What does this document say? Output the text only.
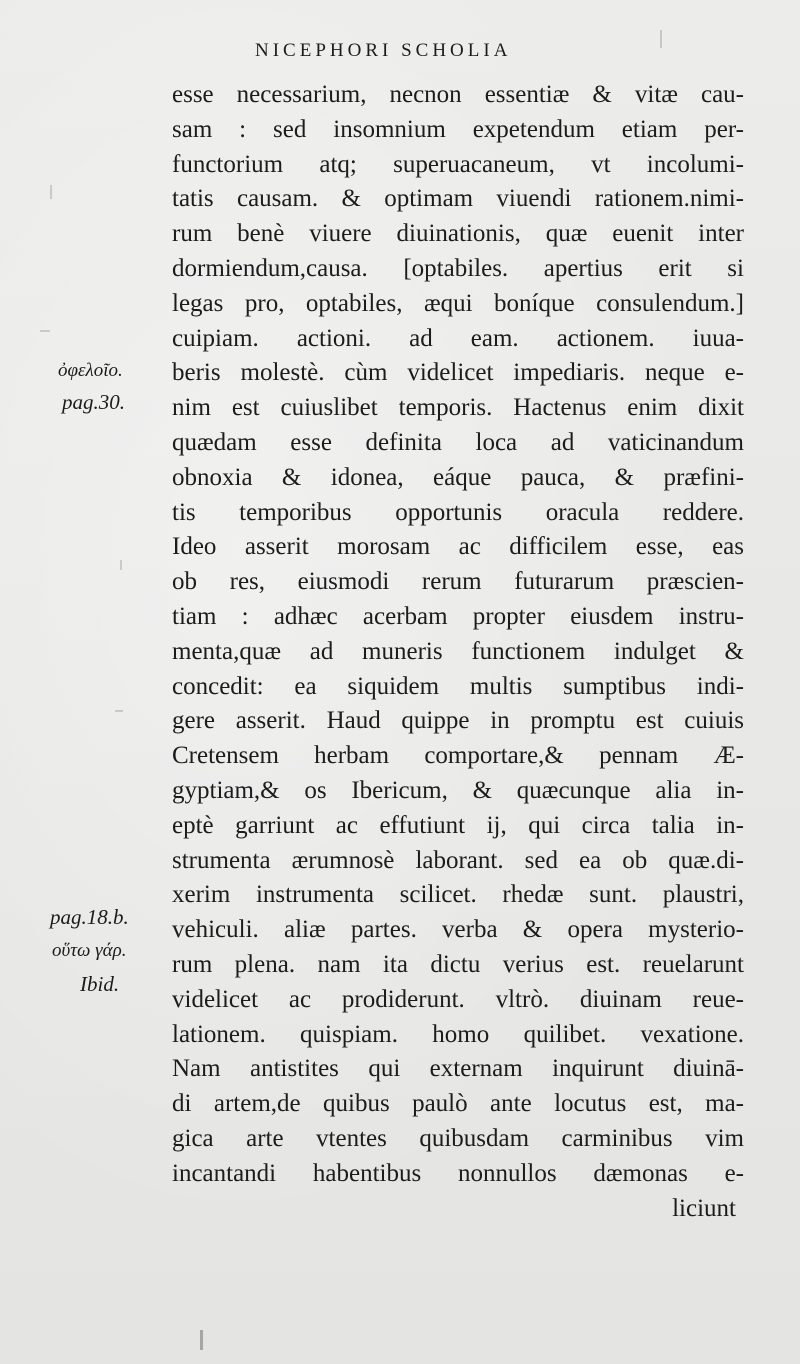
NICEPHORI SCHOLIA
esse necessarium, necnon essentiæ & vitæ cau-
sam : sed insomnium expetendum etiam per-
functorium atq; superuacaneum, vt incolumi-
tatis causam. & optimam viuendi rationem.nimi-
rum benè viuere diuinationis, quæ euenit inter
dormiendum,causa. [optabiles. apertius erit si
legas pro, optabiles, æqui boníque consulendum.]
cuipiam. actioni. ad eam. actionem. iuua-
beris molestè. cùm videlicet impediaris. neque e-
nim est cuiuslibet temporis. Hactenus enim dixit
quædam esse definita loca ad vaticinandum
obnoxia & idonea, eáque pauca, & præfini-
tis temporibus opportunis oracula reddere.
Ideo asserit morosam ac difficilem esse, eas
ob res, eiusmodi rerum futurarum præscien-
tiam : adhæc acerbam propter eiusdem instru-
menta,quæ ad muneris functionem indulget &
concedit: ea siquidem multis sumptibus indi-
gere asserit. Haud quippe in promptu est cuiuis
Cretensem herbam comportare,& pennam Æ-
gyptiam,& os Ibericum, & quæcunque alia in-
eptè garriunt ac effutiunt ij, qui circa talia in-
strumenta ærumnosè laborant. sed ea ob quæ.di-
xerim instrumenta scilicet. rhedæ sunt. plaustri,
vehiculi. aliæ partes. verba & opera mysterio-
rum plena. nam ita dictu verius est. reuelarunt
videlicet ac prodiderunt. vltrò. diuinam reue-
lationem. quispiam. homo quilibet. vexatione.
Nam antistites qui externam inquirunt diuinā-
di artem,de quibus paulò ante locutus est, ma-
gica arte vtentes quibusdam carminibus vim
incantandi habentibus nonnullos dæmonas e-
liciunt
ὀφελοῖο.
pag.30.
pag.18.b.
οὕτω γάρ.
Ibid.
